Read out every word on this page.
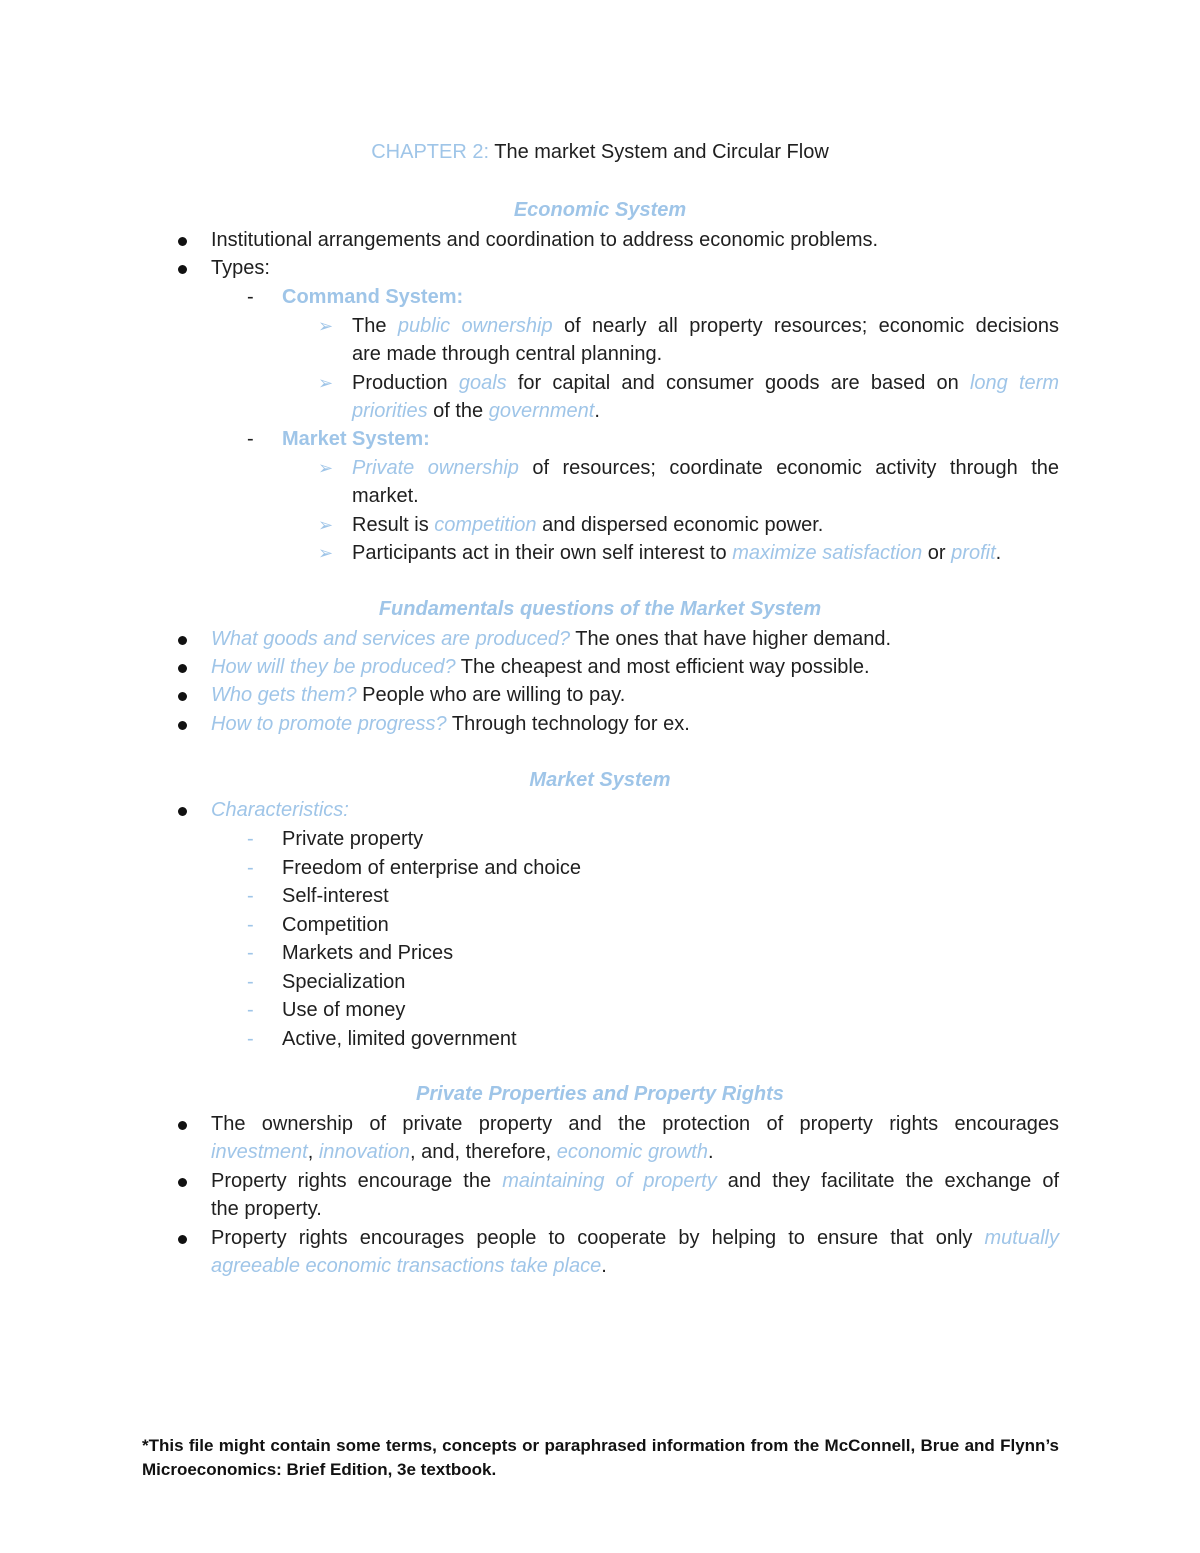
CHAPTER 2: The market System and Circular Flow
Economic System
Institutional arrangements and coordination to address economic problems.
Types:
- Command System:
➢ The public ownership of nearly all property resources; economic decisions
are made through central planning.
➢ Production goals for capital and consumer goods are based on long term
priorities of the government.
- Market System:
➢ Private ownership of resources; coordinate economic activity through the
market.
➢ Result is competition and dispersed economic power.
➢ Participants act in their own self interest to maximize satisfaction or profit.
Fundamentals questions of the Market System
What goods and services are produced? The ones that have higher demand.
How will they be produced? The cheapest and most efficient way possible.
Who gets them? People who are willing to pay.
How to promote progress? Through technology for ex.
Market System
Characteristics:
- Private property
- Freedom of enterprise and choice
- Self-interest
- Competition
- Markets and Prices
- Specialization
- Use of money
- Active, limited government
Private Properties and Property Rights
The ownership of private property and the protection of property rights encourages
investment, innovation, and, therefore, economic growth.
Property rights encourage the maintaining of property and they facilitate the exchange of
the property.
Property rights encourages people to cooperate by helping to ensure that only mutually
agreeable economic transactions take place.
*This file might contain some terms, concepts or paraphrased information from the McConnell, Brue and Flynn’s Microeconomics: Brief Edition, 3e textbook.
